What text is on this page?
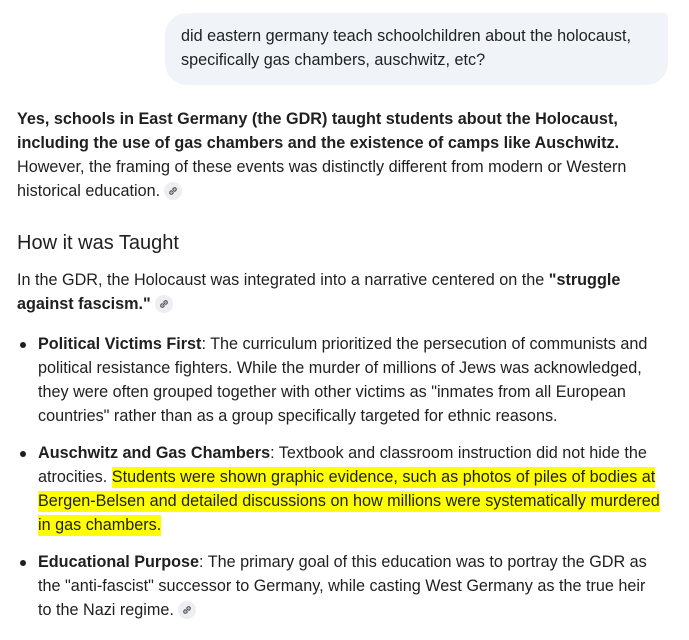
did eastern germany teach schoolchildren about the holocaust,
specifically gas chambers, auschwitz, etc?
Yes, schools in East Germany (the GDR) taught students about the Holocaust,
including the use of gas chambers and the existence of camps like Auschwitz.
However, the framing of these events was distinctly different from modern or Western
historical education.
How it was Taught
In the GDR, the Holocaust was integrated into a narrative centered on the "struggle
against fascism."
Political Victims First: The curriculum prioritized the persecution of communists and
political resistance fighters. While the murder of millions of Jews was acknowledged,
they were often grouped together with other victims as "inmates from all European
countries" rather than as a group specifically targeted for ethnic reasons.
Auschwitz and Gas Chambers: Textbook and classroom instruction did not hide the
atrocities. Students were shown graphic evidence, such as photos of piles of bodies at
Bergen-Belsen and detailed discussions on how millions were systematically murdered
in gas chambers.
Educational Purpose: The primary goal of this education was to portray the GDR as
the "anti-fascist" successor to Germany, while casting West Germany as the true heir
to the Nazi regime.
